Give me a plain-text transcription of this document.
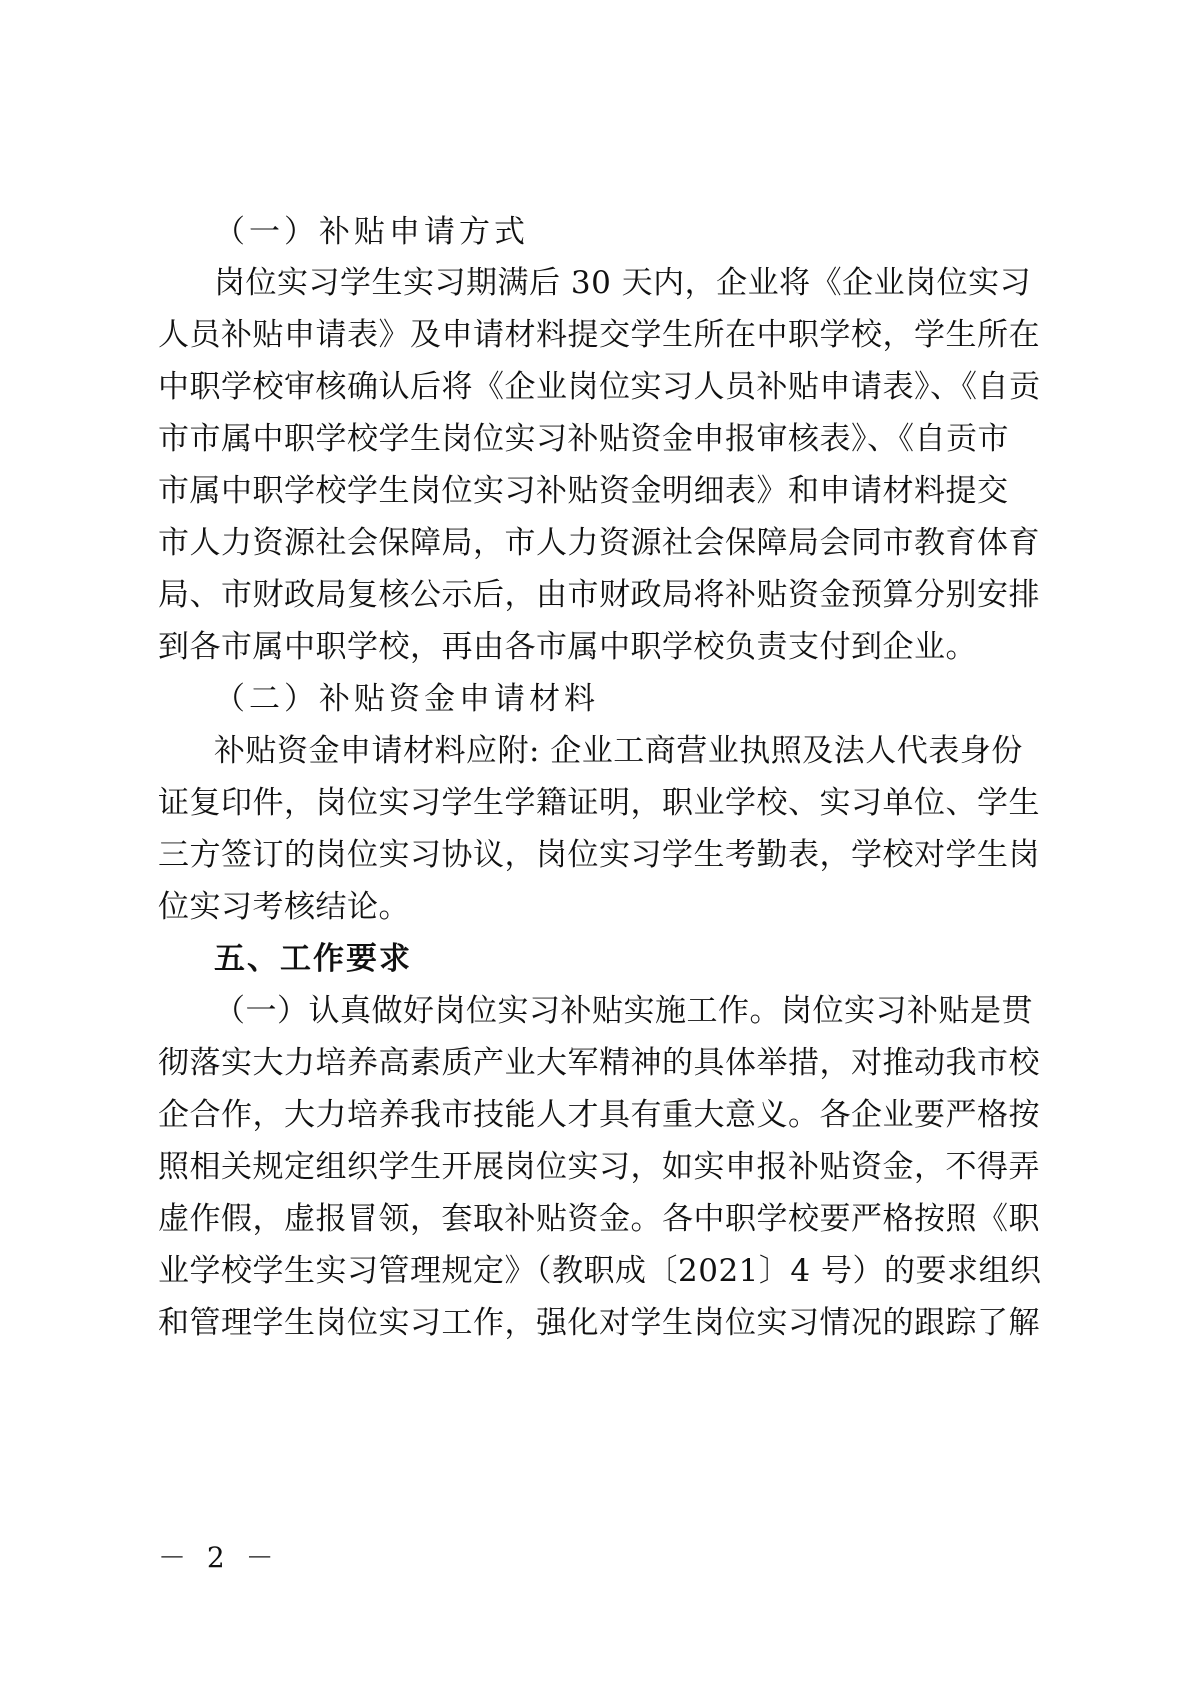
（一）补贴申请方式
岗位实习学生实习期满后 30 天内，企业将《企业岗位实习
人员补贴申请表》及申请材料提交学生所在中职学校，学生所在
中职学校审核确认后将《企业岗位实习人员补贴申请表》、《自贡
市市属中职学校学生岗位实习补贴资金申报审核表》、《自贡市
市属中职学校学生岗位实习补贴资金明细表》和申请材料提交
市人力资源社会保障局，市人力资源社会保障局会同市教育体育
局、市财政局复核公示后，由市财政局将补贴资金预算分别安排
到各市属中职学校，再由各市属中职学校负责支付到企业。
（二）补贴资金申请材料
补贴资金申请材料应附: 企业工商营业执照及法人代表身份
证复印件，岗位实习学生学籍证明，职业学校、实习单位、学生
三方签订的岗位实习协议，岗位实习学生考勤表，学校对学生岗
位实习考核结论。
五、工作要求
（一）认真做好岗位实习补贴实施工作。岗位实习补贴是贯
彻落实大力培养高素质产业大军精神的具体举措，对推动我市校
企合作，大力培养我市技能人才具有重大意义。各企业要严格按
照相关规定组织学生开展岗位实习，如实申报补贴资金，不得弄
虚作假，虚报冒领，套取补贴资金。各中职学校要严格按照《职
业学校学生实习管理规定》（教职成〔2021〕4 号）的要求组织
和管理学生岗位实习工作，强化对学生岗位实习情况的跟踪了解
－ 2 －
